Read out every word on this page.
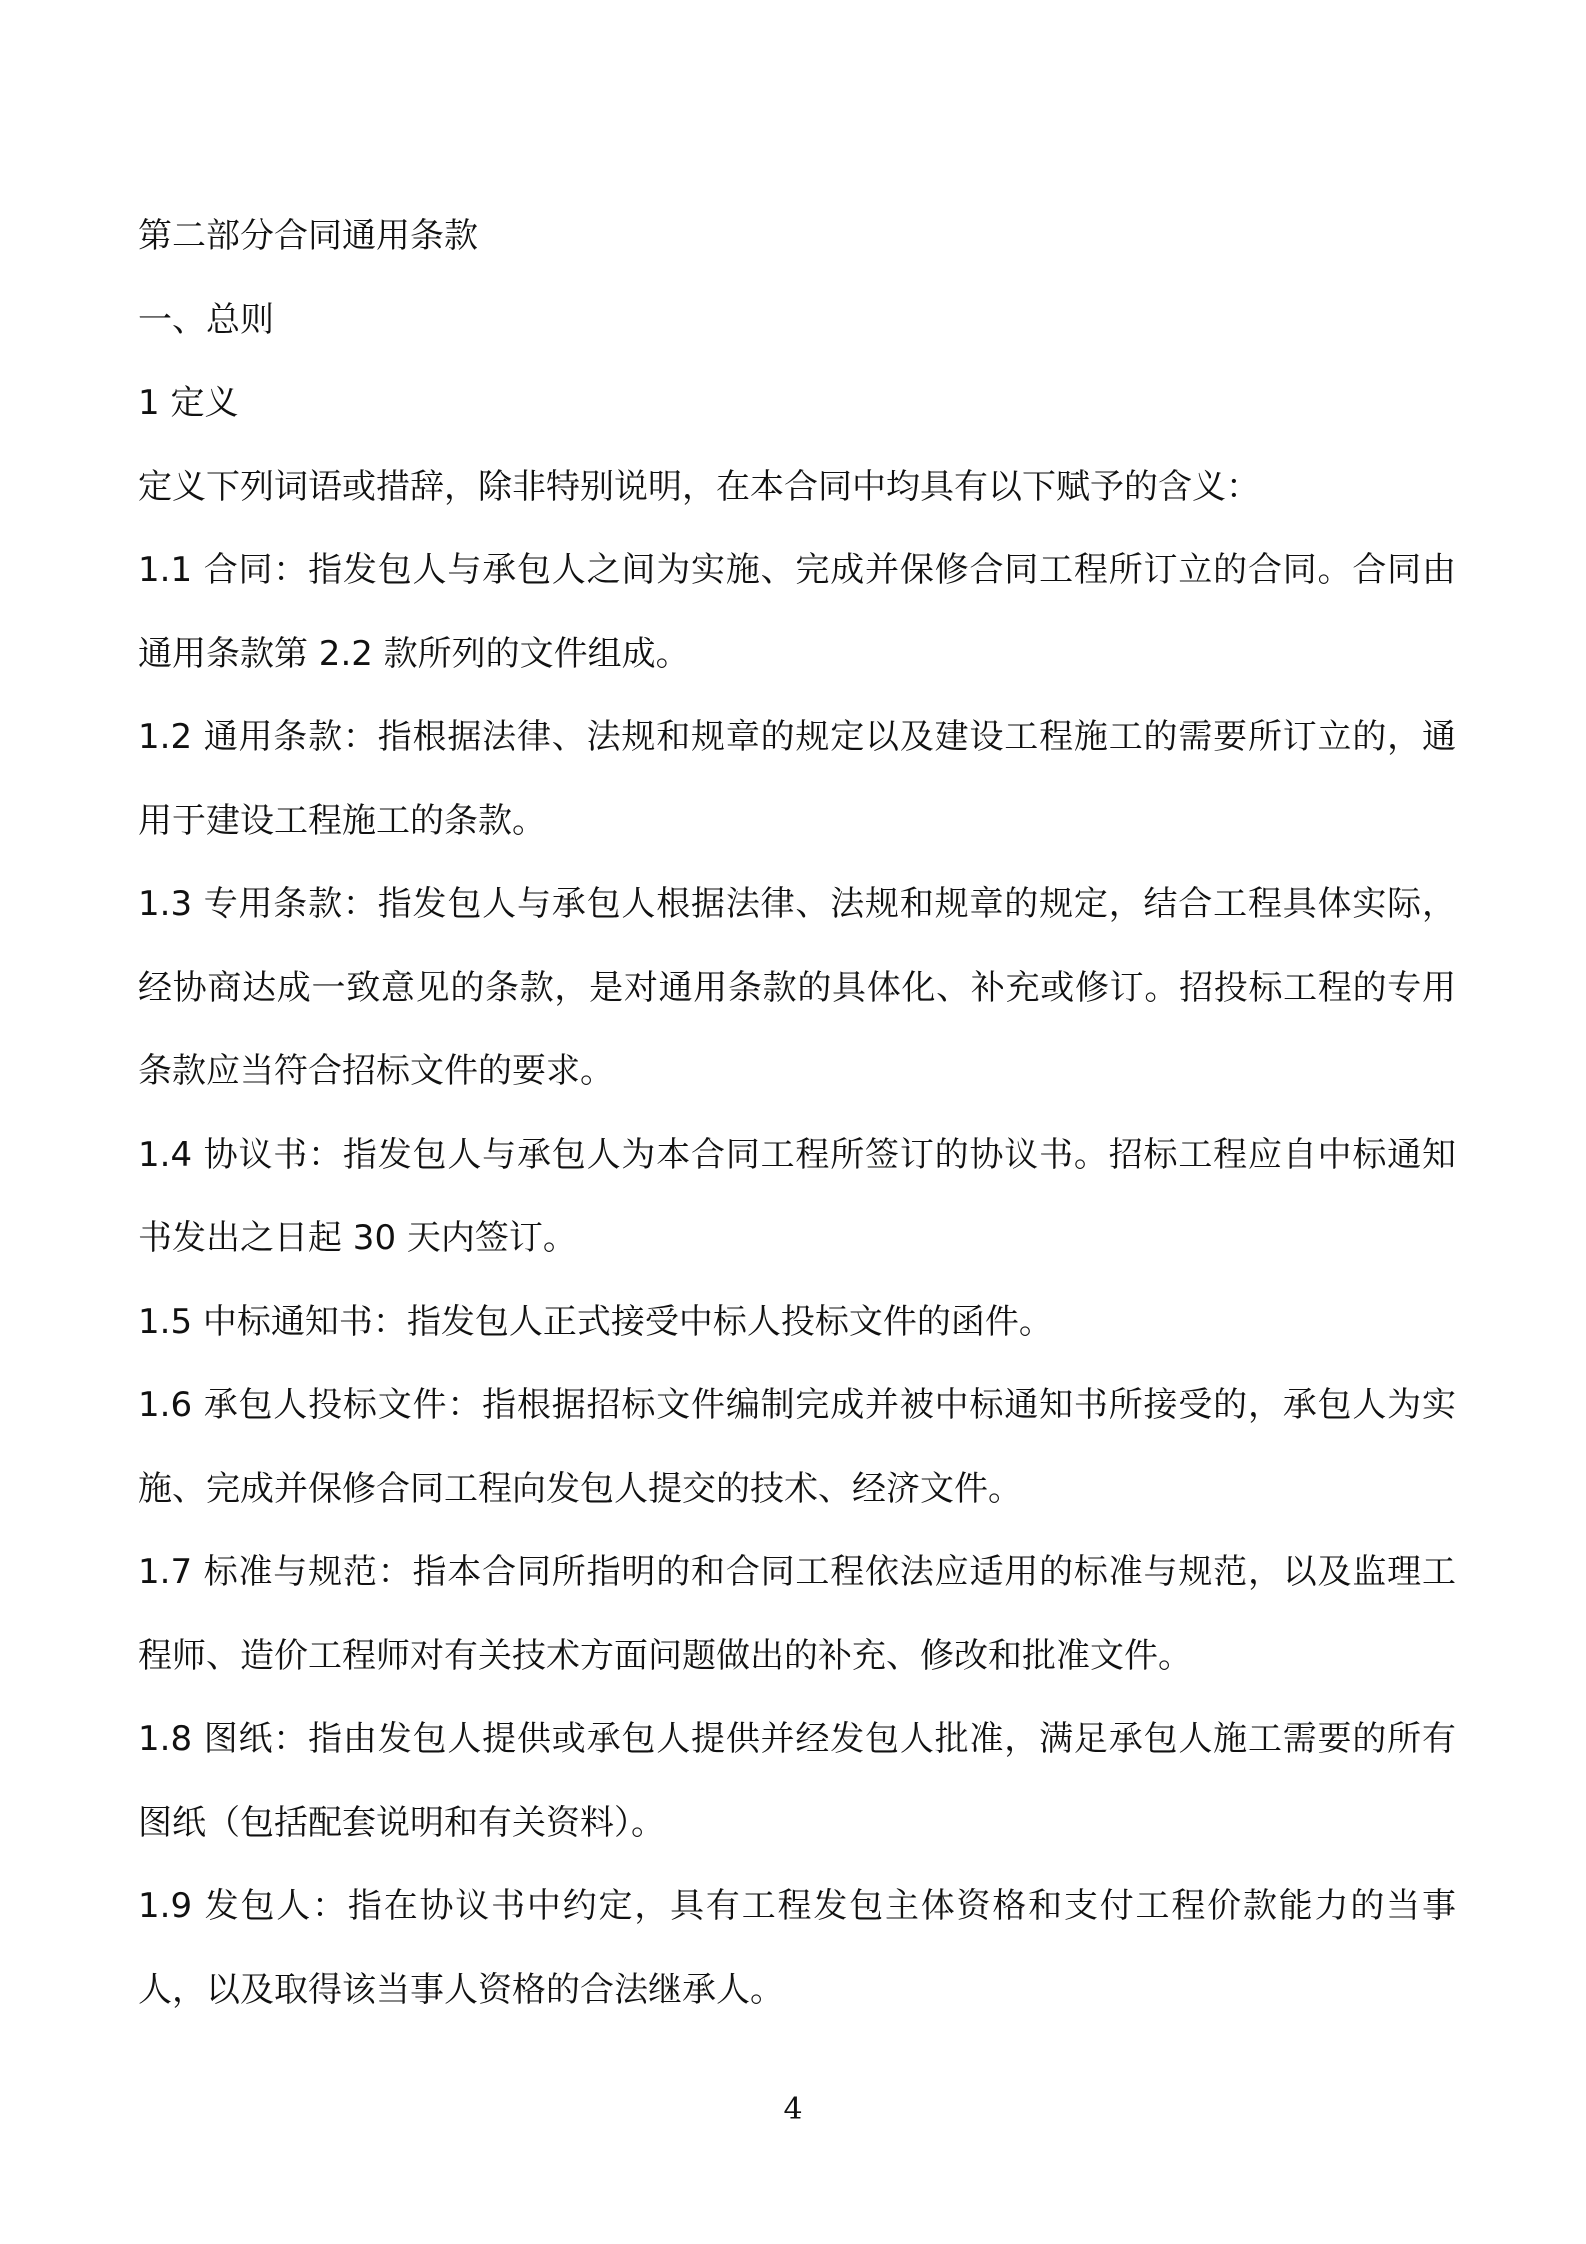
第二部分合同通用条款

一、总则

1 定义

定义下列词语或措辞，除非特别说明，在本合同中均具有以下赋予的含义：

1.1 合同：指发包人与承包人之间为实施、完成并保修合同工程所订立的合同。合同由通用条款第 2.2 款所列的文件组成。

1.2 通用条款：指根据法律、法规和规章的规定以及建设工程施工的需要所订立的，通用于建设工程施工的条款。

1.3 专用条款：指发包人与承包人根据法律、法规和规章的规定，结合工程具体实际，经协商达成一致意见的条款，是对通用条款的具体化、补充或修订。招投标工程的专用条款应当符合招标文件的要求。

1.4 协议书：指发包人与承包人为本合同工程所签订的协议书。招标工程应自中标通知书发出之日起 30 天内签订。

1.5 中标通知书：指发包人正式接受中标人投标文件的函件。

1.6 承包人投标文件：指根据招标文件编制完成并被中标通知书所接受的，承包人为实施、完成并保修合同工程向发包人提交的技术、经济文件。

1.7 标准与规范：指本合同所指明的和合同工程依法应适用的标准与规范，以及监理工程师、造价工程师对有关技术方面问题做出的补充、修改和批准文件。

1.8 图纸：指由发包人提供或承包人提供并经发包人批准，满足承包人施工需要的所有图纸（包括配套说明和有关资料）。

1.9 发包人：指在协议书中约定，具有工程发包主体资格和支付工程价款能力的当事人，以及取得该当事人资格的合法继承人。

4
